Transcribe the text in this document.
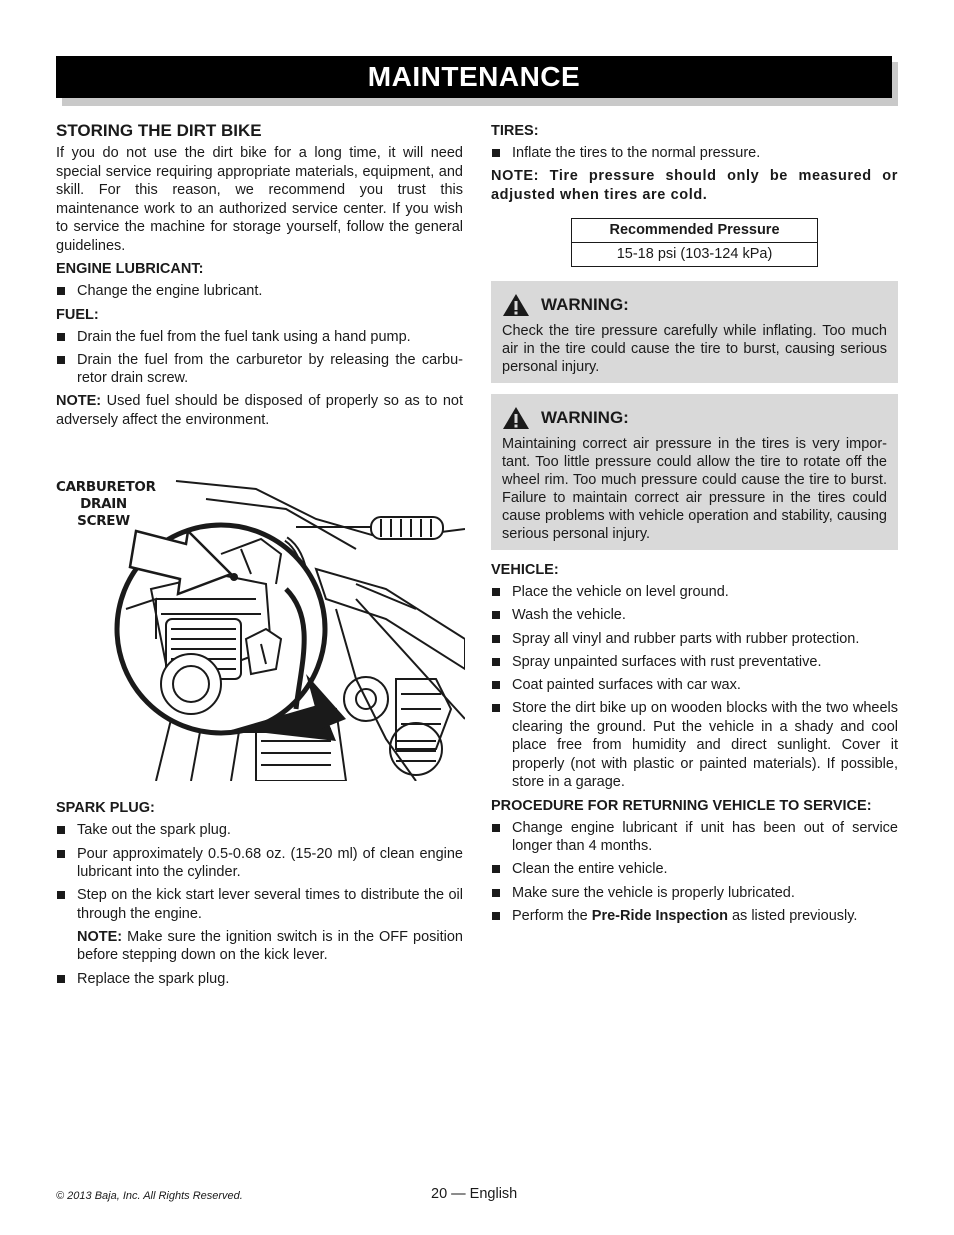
MAINTENANCE
STORING THE DIRT BIKE

If you do not use the dirt bike for a long time, it will need special service requiring appropriate materials, equipment, and skill. For this reason, we recommend you trust this maintenance work to an authorized service center. If you wish to service the machine for storage yourself, follow the general guidelines.

ENGINE LUBRICANT:
Change the engine lubricant.
FUEL:
Drain the fuel from the fuel tank using a hand pump.
Drain the fuel from the carburetor by releasing the carbu-retor drain screw.

NOTE: Used fuel should be disposed of properly so as to not adversely affect the environment.

CARBURETOR DRAIN SCREW
SPARK PLUG:
Take out the spark plug.
Pour approximately 0.5-0.68 oz. (15-20 ml) of clean engine lubricant into the cylinder.
Step on the kick start lever several times to distribute the oil through the engine.

NOTE: Make sure the ignition switch is in the OFF position before stepping down on the kick lever.

Replace the spark plug.
TIRES:
Inflate the tires to the normal pressure.

NOTE: Tire pressure should only be measured or adjusted when tires are cold.

Recommended Pressure
15-18 psi (103-124 kPa)
WARNING:

Check the tire pressure carefully while inflating. Too much air in the tire could cause the tire to burst, causing serious personal injury.

WARNING:

Maintaining correct air pressure in the tires is very impor-tant. Too little pressure could allow the tire to rotate off the wheel rim. Too much pressure could cause the tire to burst. Failure to maintain correct air pressure in the tires could cause problems with vehicle operation and stability, causing serious personal injury.

VEHICLE:
Place the vehicle on level ground.
Wash the vehicle.
Spray all vinyl and rubber parts with rubber protection.
Spray unpainted surfaces with rust preventative.
Coat painted surfaces with car wax.
Store the dirt bike up on wooden blocks with the two wheels clearing the ground. Put the vehicle in a shady and cool place free from humidity and direct sunlight. Cover it properly (not with plastic or painted materials). If possible, store in a garage.
PROCEDURE FOR RETURNING VEHICLE TO SERVICE:
Change engine lubricant if unit has been out of service longer than 4 months.
Clean the entire vehicle.
Make sure the vehicle is properly lubricated.
Perform the Pre-Ride Inspection as listed previously.
© 2013 Baja, Inc. All Rights Reserved.	20 — English
